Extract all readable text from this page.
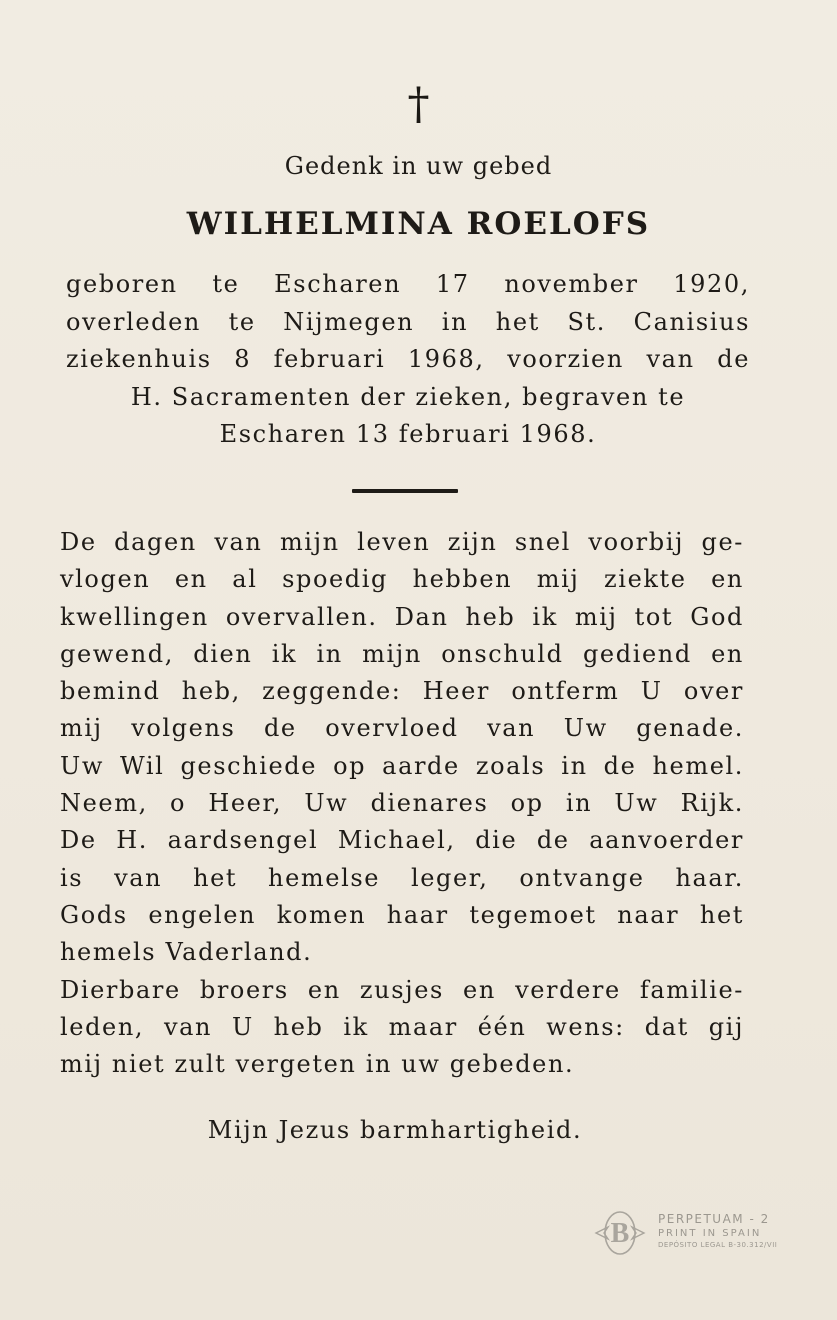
†
Gedenk in uw gebed
WILHELMINA ROELOFS
geboren te Escharen 17 november 1920,
overleden te Nijmegen in het St. Canisius
ziekenhuis 8 februari 1968, voorzien van de
H. Sacramenten der zieken, begraven te
Escharen 13 februari 1968.
De dagen van mijn leven zijn snel voorbij ge-
vlogen en al spoedig hebben mij ziekte en
kwellingen overvallen. Dan heb ik mij tot God
gewend, dien ik in mijn onschuld gediend en
bemind heb, zeggende: Heer ontferm U over
mij volgens de overvloed van Uw genade.
Uw Wil geschiede op aarde zoals in de hemel.
Neem, o Heer, Uw dienares op in Uw Rijk.
De H. aardsengel Michael, die de aanvoerder
is van het hemelse leger, ontvange haar.
Gods engelen komen haar tegemoet naar het
hemels Vaderland.
Dierbare broers en zusjes en verdere familie-
leden, van U heb ik maar één wens: dat gij
mij niet zult vergeten in uw gebeden.
Mijn Jezus barmhartigheid.
B PERPETUAM - 2
PRINT IN SPAIN
DEPÓSITO LEGAL B-30.312/VII
